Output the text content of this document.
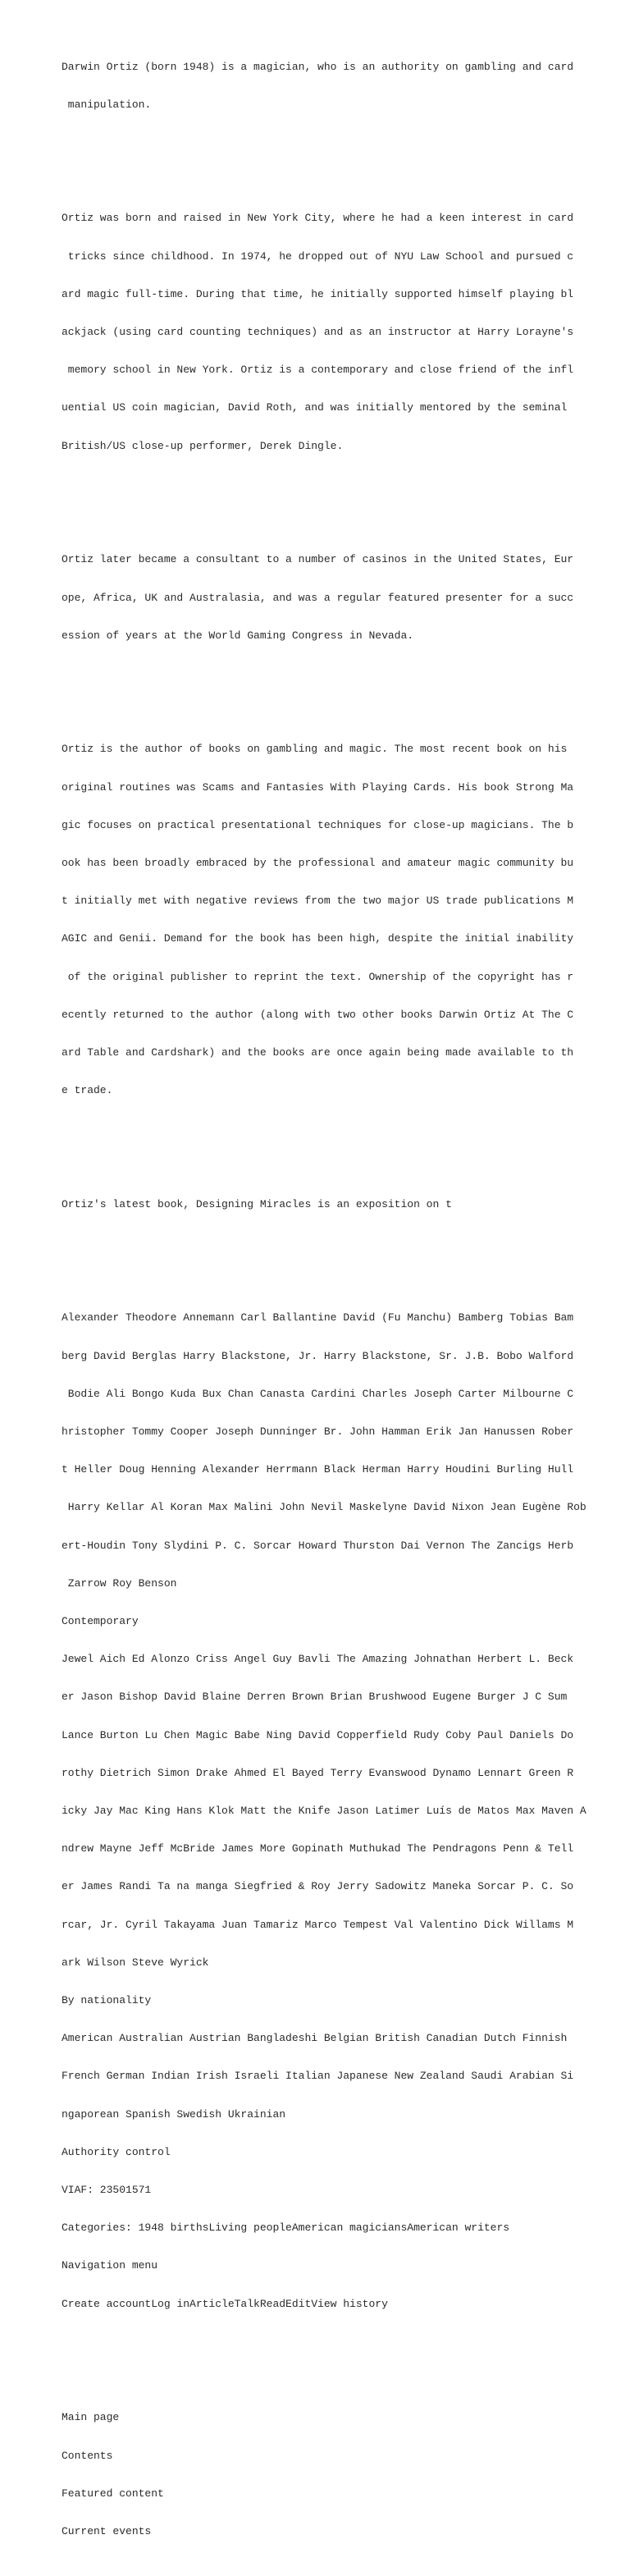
Darwin Ortiz (born 1948) is a magician, who is an authority on gambling and card

manipulation.

Ortiz was born and raised in New York City, where he had a keen interest in card

tricks since childhood. In 1974, he dropped out of NYU Law School and pursued c

ard magic full-time. During that time, he initially supported himself playing bl

ackjack (using card counting techniques) and as an instructor at Harry Lorayne's

memory school in New York. Ortiz is a contemporary and close friend of the infl

uential US coin magician, David Roth, and was initially mentored by the seminal

British/US close-up performer, Derek Dingle.

Ortiz later became a consultant to a number of casinos in the United States, Eur

ope, Africa, UK and Australasia, and was a regular featured presenter for a succ

ession of years at the World Gaming Congress in Nevada.

Ortiz is the author of books on gambling and magic. The most recent book on his

original routines was Scams and Fantasies With Playing Cards. His book Strong Ma

gic focuses on practical presentational techniques for close-up magicians. The b

ook has been broadly embraced by the professional and amateur magic community bu

t initially met with negative reviews from the two major US trade publications M

AGIC and Genii. Demand for the book has been high, despite the initial inability

of the original publisher to reprint the text. Ownership of the copyright has r

ecently returned to the author (along with two other books Darwin Ortiz At The C

ard Table and Cardshark) and the books are once again being made available to th

e trade.

Ortiz's latest book, Designing Miracles is an exposition on t

Alexander Theodore Annemann Carl Ballantine David (Fu Manchu) Bamberg Tobias Bam

berg David Berglas Harry Blackstone, Jr. Harry Blackstone, Sr. J.B. Bobo Walford

Bodie Ali Bongo Kuda Bux Chan Canasta Cardini Charles Joseph Carter Milbourne C

hristopher Tommy Cooper Joseph Dunninger Br. John Hamman Erik Jan Hanussen Rober

t Heller Doug Henning Alexander Herrmann Black Herman Harry Houdini Burling Hull

Harry Kellar Al Koran Max Malini John Nevil Maskelyne David Nixon Jean Eugène Rob

ert-Houdin Tony Slydini P. C. Sorcar Howard Thurston Dai Vernon The Zancigs Herb

Zarrow Roy Benson

Contemporary

Jewel Aich Ed Alonzo Criss Angel Guy Bavli The Amazing Johnathan Herbert L. Beck

er Jason Bishop David Blaine Derren Brown Brian Brushwood Eugene Burger J C Sum

Lance Burton Lu Chen Magic Babe Ning David Copperfield Rudy Coby Paul Daniels Do

rothy Dietrich Simon Drake Ahmed El Bayed Terry Evanswood Dynamo Lennart Green R

icky Jay Mac King Hans Klok Matt the Knife Jason Latimer Luís de Matos Max Maven A

ndrew Mayne Jeff McBride James More Gopinath Muthukad The Pendragons Penn & Tell

er James Randi Ta na manga Siegfried & Roy Jerry Sadowitz Maneka Sorcar P. C. So

rcar, Jr. Cyril Takayama Juan Tamariz Marco Tempest Val Valentino Dick Willams M

ark Wilson Steve Wyrick

By nationality

American Australian Austrian Bangladeshi Belgian British Canadian Dutch Finnish

French German Indian Irish Israeli Italian Japanese New Zealand Saudi Arabian Si

ngaporean Spanish Swedish Ukrainian

Authority control

VIAF: 23501571

Categories: 1948 birthsLiving peopleAmerican magiciansAmerican writers

Navigation menu

Create accountLog inArticleTalkReadEditView history

Main page

Contents

Featured content

Current events
